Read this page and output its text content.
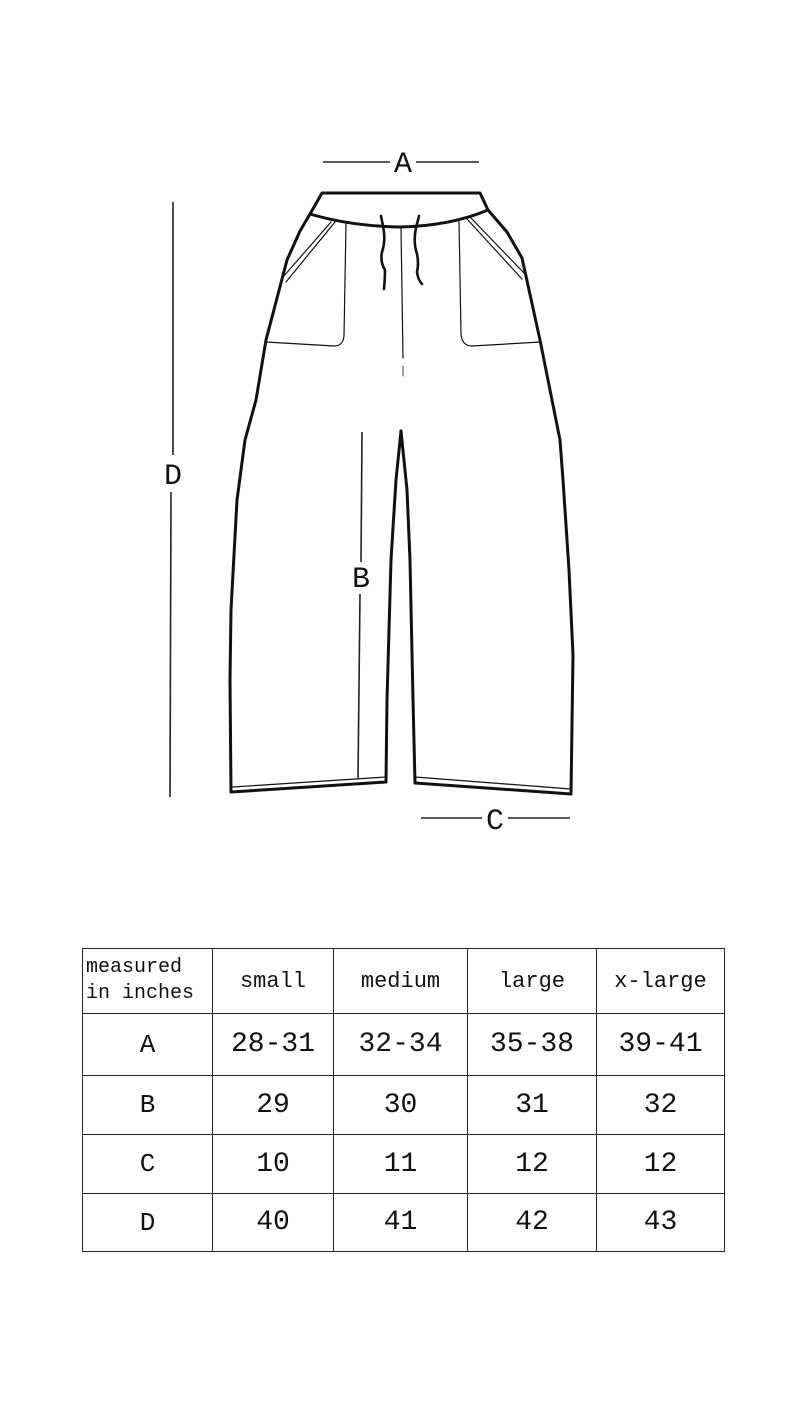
A
D
B
C
measured
in inches	small	medium	large	x-large
A	28-31	32-34	35-38	39-41
B	29	30	31	32
C	10	11	12	12
D	40	41	42	43
